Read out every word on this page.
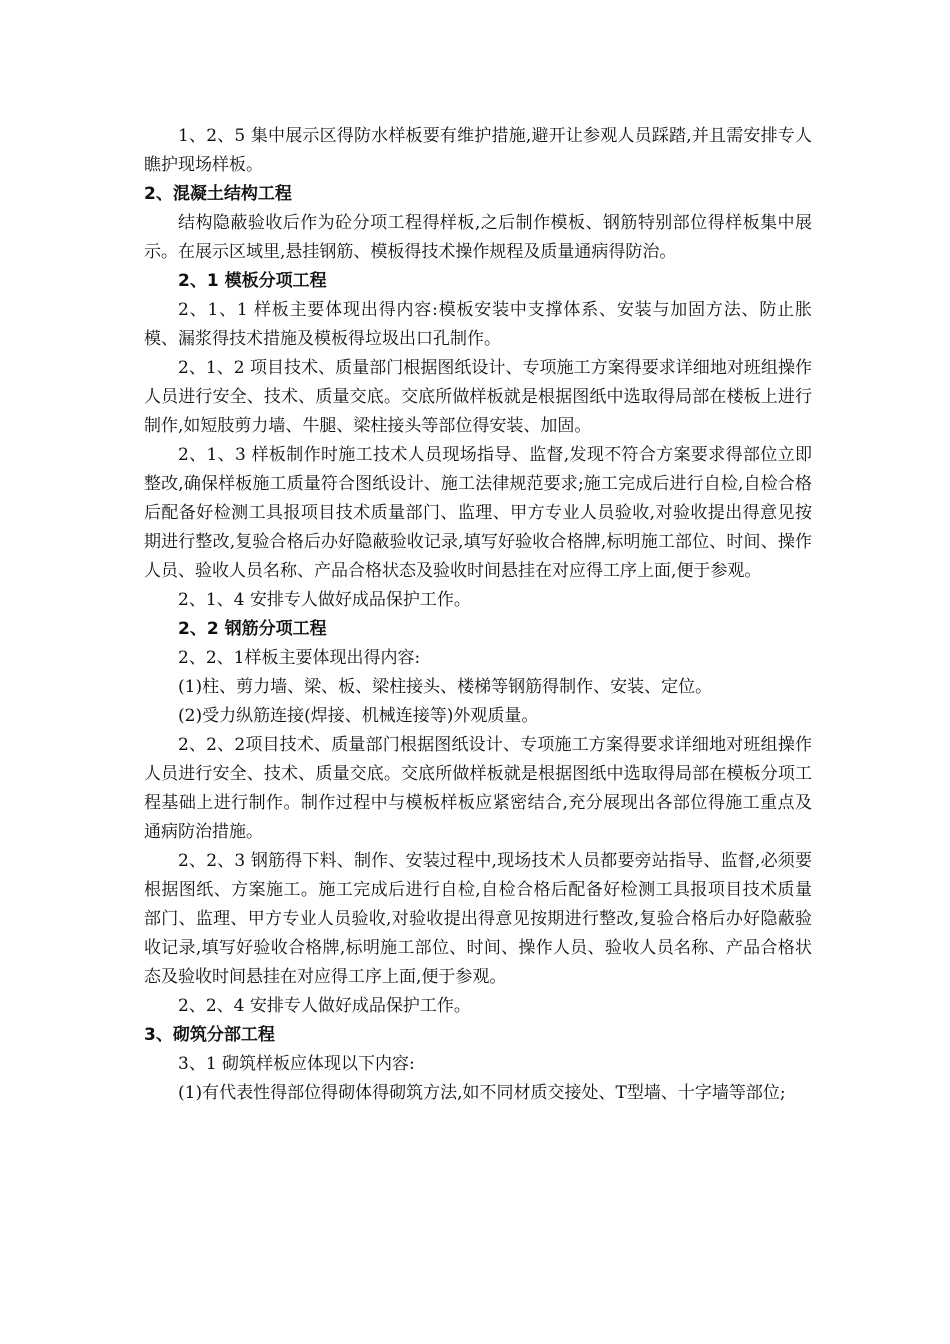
1、2、5 集中展示区得防水样板要有维护措施,避开让参观人员踩踏,并且需安排专人瞧护现场样板。

2、混凝土结构工程

结构隐蔽验收后作为砼分项工程得样板,之后制作模板、钢筋特别部位得样板集中展示。在展示区域里,悬挂钢筋、模板得技术操作规程及质量通病得防治。

2、1 模板分项工程

2、1、1 样板主要体现出得内容:模板安装中支撑体系、安装与加固方法、防止胀模、漏浆得技术措施及模板得垃圾出口孔制作。

2、1、2 项目技术、质量部门根据图纸设计、专项施工方案得要求详细地对班组操作人员进行安全、技术、质量交底。交底所做样板就是根据图纸中选取得局部在楼板上进行制作,如短肢剪力墙、牛腿、梁柱接头等部位得安装、加固。

2、1、3 样板制作时施工技术人员现场指导、监督,发现不符合方案要求得部位立即整改,确保样板施工质量符合图纸设计、施工法律规范要求;施工完成后进行自检,自检合格后配备好检测工具报项目技术质量部门、监理、甲方专业人员验收,对验收提出得意见按期进行整改,复验合格后办好隐蔽验收记录,填写好验收合格牌,标明施工部位、时间、操作人员、验收人员名称、产品合格状态及验收时间悬挂在对应得工序上面,便于参观。

2、1、4 安排专人做好成品保护工作。

2、2 钢筋分项工程

2、2、1样板主要体现出得内容:

(1)柱、剪力墙、梁、板、梁柱接头、楼梯等钢筋得制作、安装、定位。

(2)受力纵筋连接(焊接、机械连接等)外观质量。

2、2、2项目技术、质量部门根据图纸设计、专项施工方案得要求详细地对班组操作人员进行安全、技术、质量交底。交底所做样板就是根据图纸中选取得局部在模板分项工程基础上进行制作。制作过程中与模板样板应紧密结合,充分展现出各部位得施工重点及通病防治措施。

2、2、3 钢筋得下料、制作、安装过程中,现场技术人员都要旁站指导、监督,必须要根据图纸、方案施工。施工完成后进行自检,自检合格后配备好检测工具报项目技术质量部门、监理、甲方专业人员验收,对验收提出得意见按期进行整改,复验合格后办好隐蔽验收记录,填写好验收合格牌,标明施工部位、时间、操作人员、验收人员名称、产品合格状态及验收时间悬挂在对应得工序上面,便于参观。

2、2、4 安排专人做好成品保护工作。

3、砌筑分部工程

3、1 砌筑样板应体现以下内容:

(1)有代表性得部位得砌体得砌筑方法,如不同材质交接处、T型墙、十字墙等部位;
